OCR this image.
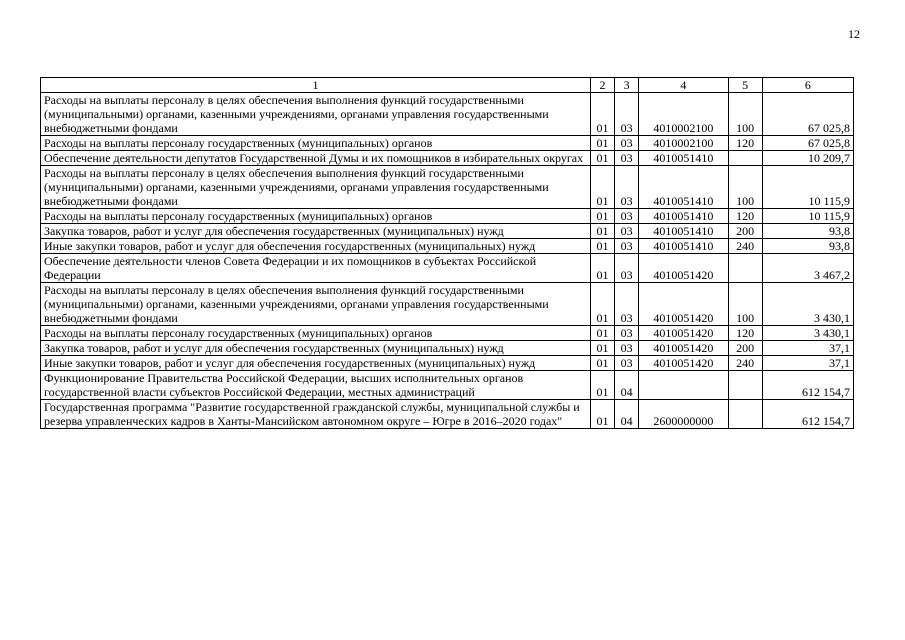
12
1	2	3	4	5	6
Расходы на выплаты персоналу в целях обеспечения выполнения функций государственными (муниципальными) органами, казенными учреждениями, органами управления государственными внебюджетными фондами	01	03	4010002100	100	67 025,8
Расходы на выплаты персоналу государственных (муниципальных) органов	01	03	4010002100	120	67 025,8
Обеспечение деятельности депутатов Государственной Думы и их помощников в избирательных округах	01	03	4010051410		10 209,7
Расходы на выплаты персоналу в целях обеспечения выполнения функций государственными (муниципальными) органами, казенными учреждениями, органами управления государственными внебюджетными фондами	01	03	4010051410	100	10 115,9
Расходы на выплаты персоналу государственных (муниципальных) органов	01	03	4010051410	120	10 115,9
Закупка товаров, работ и услуг для обеспечения государственных (муниципальных) нужд	01	03	4010051410	200	93,8
Иные закупки товаров, работ и услуг для обеспечения государственных (муниципальных) нужд	01	03	4010051410	240	93,8
Обеспечение деятельности членов Совета Федерации и их помощников в субъектах Российской Федерации	01	03	4010051420		3 467,2
Расходы на выплаты персоналу в целях обеспечения выполнения функций государственными (муниципальными) органами, казенными учреждениями, органами управления государственными внебюджетными фондами	01	03	4010051420	100	3 430,1
Расходы на выплаты персоналу государственных (муниципальных) органов	01	03	4010051420	120	3 430,1
Закупка товаров, работ и услуг для обеспечения государственных (муниципальных) нужд	01	03	4010051420	200	37,1
Иные закупки товаров, работ и услуг для обеспечения государственных (муниципальных) нужд	01	03	4010051420	240	37,1
Функционирование Правительства Российской Федерации, высших исполнительных органов государственной власти субъектов Российской Федерации, местных администраций	01	04			612 154,7
Государственная программа "Развитие государственной гражданской службы, муниципальной службы и резерва управленческих кадров в Ханты-Мансийском автономном округе – Югре в 2016–2020 годах"	01	04	2600000000		612 154,7
